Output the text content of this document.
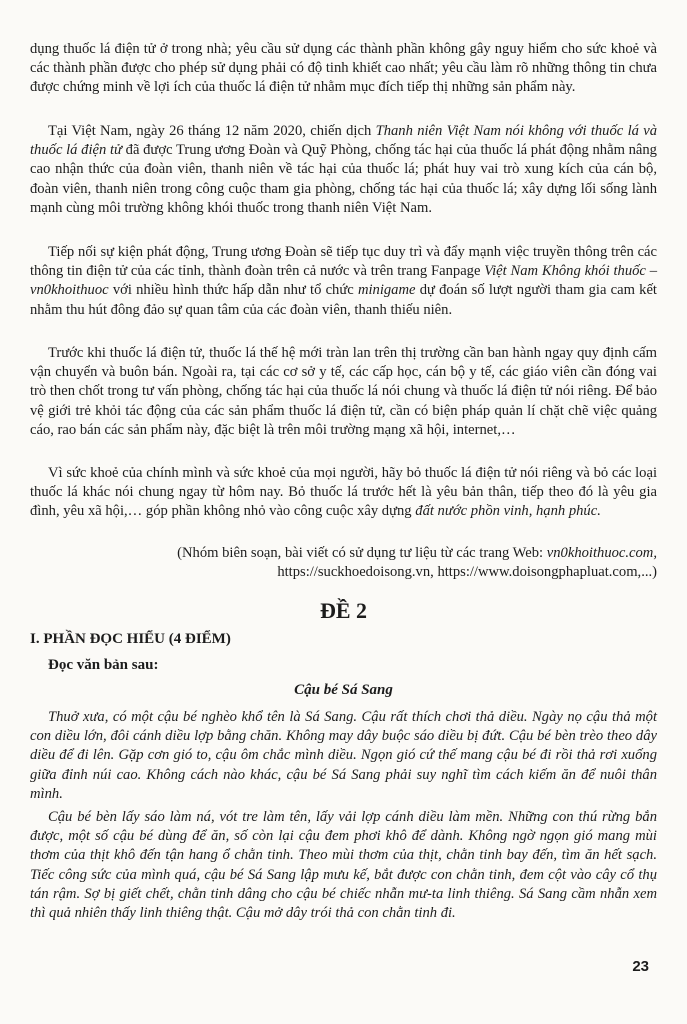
dụng thuốc lá điện tử ở trong nhà; yêu cầu sử dụng các thành phần không gây nguy hiểm cho sức khoẻ và các thành phần được cho phép sử dụng phải có độ tinh khiết cao nhất; yêu cầu làm rõ những thông tin chưa được chứng minh về lợi ích của thuốc lá điện tử nhằm mục đích tiếp thị những sản phẩm này.

Tại Việt Nam, ngày 26 tháng 12 năm 2020, chiến dịch Thanh niên Việt Nam nói không với thuốc lá và thuốc lá điện tử đã được Trung ương Đoàn và Quỹ Phòng, chống tác hại của thuốc lá phát động nhằm nâng cao nhận thức của đoàn viên, thanh niên về tác hại của thuốc lá; phát huy vai trò xung kích của cán bộ, đoàn viên, thanh niên trong công cuộc tham gia phòng, chống tác hại của thuốc lá; xây dựng lối sống lành mạnh cùng môi trường không khói thuốc trong thanh niên Việt Nam.

Tiếp nối sự kiện phát động, Trung ương Đoàn sẽ tiếp tục duy trì và đẩy mạnh việc truyền thông trên các thông tin điện tử của các tỉnh, thành đoàn trên cả nước và trên trang Fanpage Việt Nam Không khói thuốc – vn0khoithuoc với nhiều hình thức hấp dẫn như tổ chức minigame dự đoán số lượt người tham gia cam kết nhằm thu hút đông đảo sự quan tâm của các đoàn viên, thanh thiếu niên.

Trước khi thuốc lá điện tử, thuốc lá thế hệ mới tràn lan trên thị trường cần ban hành ngay quy định cấm vận chuyển và buôn bán. Ngoài ra, tại các cơ sở y tế, các cấp học, cán bộ y tế, các giáo viên cần đóng vai trò then chốt trong tư vấn phòng, chống tác hại của thuốc lá nói chung và thuốc lá điện tử nói riêng. Để bảo vệ giới trẻ khỏi tác động của các sản phẩm thuốc lá điện tử, cần có biện pháp quản lí chặt chẽ việc quảng cáo, rao bán các sản phẩm này, đặc biệt là trên môi trường mạng xã hội, internet,…

Vì sức khoẻ của chính mình và sức khoẻ của mọi người, hãy bỏ thuốc lá điện tử nói riêng và bỏ các loại thuốc lá khác nói chung ngay từ hôm nay. Bỏ thuốc lá trước hết là yêu bản thân, tiếp theo đó là yêu gia đình, yêu xã hội,… góp phần không nhỏ vào công cuộc xây dựng đất nước phồn vinh, hạnh phúc.

(Nhóm biên soạn, bài viết có sử dụng tư liệu từ các trang Web: vn0khoithuoc.com,
https://suckhoedoisong.vn, https://www.doisongphapluat.com,...)

ĐỀ 2

I. PHẦN ĐỌC HIỂU (4 ĐIỂM)

Đọc văn bản sau:

Cậu bé Sá Sang

Thuở xưa, có một cậu bé nghèo khổ tên là Sá Sang. Cậu rất thích chơi thả diều. Ngày nọ cậu thả một con diều lớn, đôi cánh diều lợp bằng chăn. Không may dây buộc sáo diều bị đứt. Cậu bé bèn trèo theo dây diều để đi lên. Gặp cơn gió to, cậu ôm chắc mình diều. Ngọn gió cứ thế mang cậu bé đi rồi thả rơi xuống giữa đỉnh núi cao. Không cách nào khác, cậu bé Sá Sang phải suy nghĩ tìm cách kiếm ăn để nuôi thân mình.

Cậu bé bèn lấy sáo làm ná, vót tre làm tên, lấy vải lợp cánh diều làm mền. Những con thú rừng bắn được, một số cậu bé dùng để ăn, số còn lại cậu đem phơi khô để dành. Không ngờ ngọn gió mang mùi thơm của thịt khô đến tận hang ổ chằn tinh. Theo mùi thơm của thịt, chằn tinh bay đến, tìm ăn hết sạch. Tiếc công sức của mình quá, cậu bé Sá Sang lập mưu kế, bắt được con chằn tinh, đem cột vào cây cổ thụ tán rậm. Sợ bị giết chết, chằn tinh dâng cho cậu bé chiếc nhẫn mư-ta linh thiêng. Sá Sang cầm nhẫn xem thì quả nhiên thấy linh thiêng thật. Cậu mở dây trói thả con chằn tinh đi.

23
